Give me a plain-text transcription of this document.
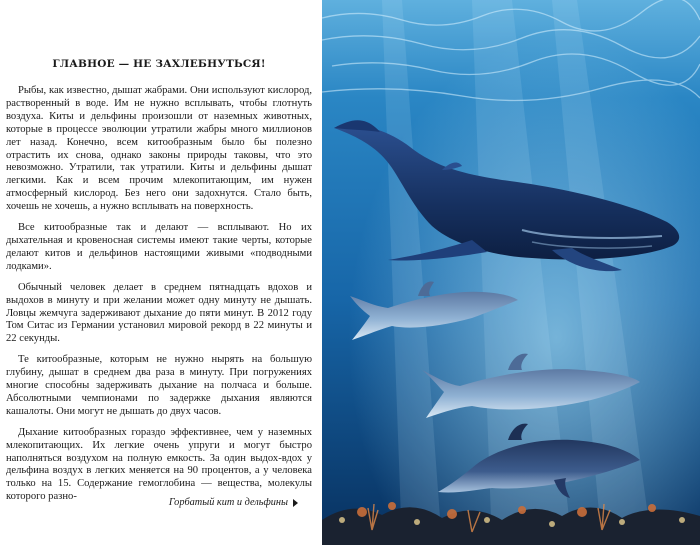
ГЛАВНОЕ — НЕ ЗАХЛЕБНУТЬСЯ!

Рыбы, как известно, дышат жабрами. Они используют кислород, растворенный в воде. Им не нужно всплывать, чтобы глотнуть воздуха. Киты и дельфины произошли от наземных животных, которые в процессе эволюции утратили жабры много миллионов лет назад. Конечно, всем китообразным было бы полезно отрастить их снова, однако законы природы таковы, что это невозможно. Утратили, так утратили. Киты и дельфины дышат легкими. Как и всем прочим млекопитающим, им нужен атмосферный кислород. Без него они задохнутся. Стало быть, хочешь не хочешь, а нужно всплывать на поверхность.

Все китообразные так и делают — всплывают. Но их дыхательная и кровеносная системы имеют такие черты, которые делают китов и дельфинов настоящими живыми «подводными лодками».

Обычный человек делает в среднем пятнадцать вдохов и выдохов в минуту и при желании может одну минуту не дышать. Ловцы жемчуга задерживают дыхание до пяти минут. В 2012 году Том Ситас из Германии установил мировой рекорд в 22 минуты и 22 секунды.

Те китообразные, которым не нужно нырять на большую глубину, дышат в среднем два раза в минуту. При погружениях многие способны задерживать дыхание на полчаса и больше. Абсолютными чемпионами по задержке дыхания являются кашалоты. Они могут не дышать до двух часов.

Дыхание китообразных гораздо эффективнее, чем у наземных млекопитающих. Их легкие очень упруги и могут быстро наполняться воздухом на полную емкость. За один выдох-вдох у дельфина воздух в легких меняется на 90 процентов, а у человека только на 15. Содержание гемоглобина — вещества, молекулы которого разно-

Горбатый кит и дельфины
